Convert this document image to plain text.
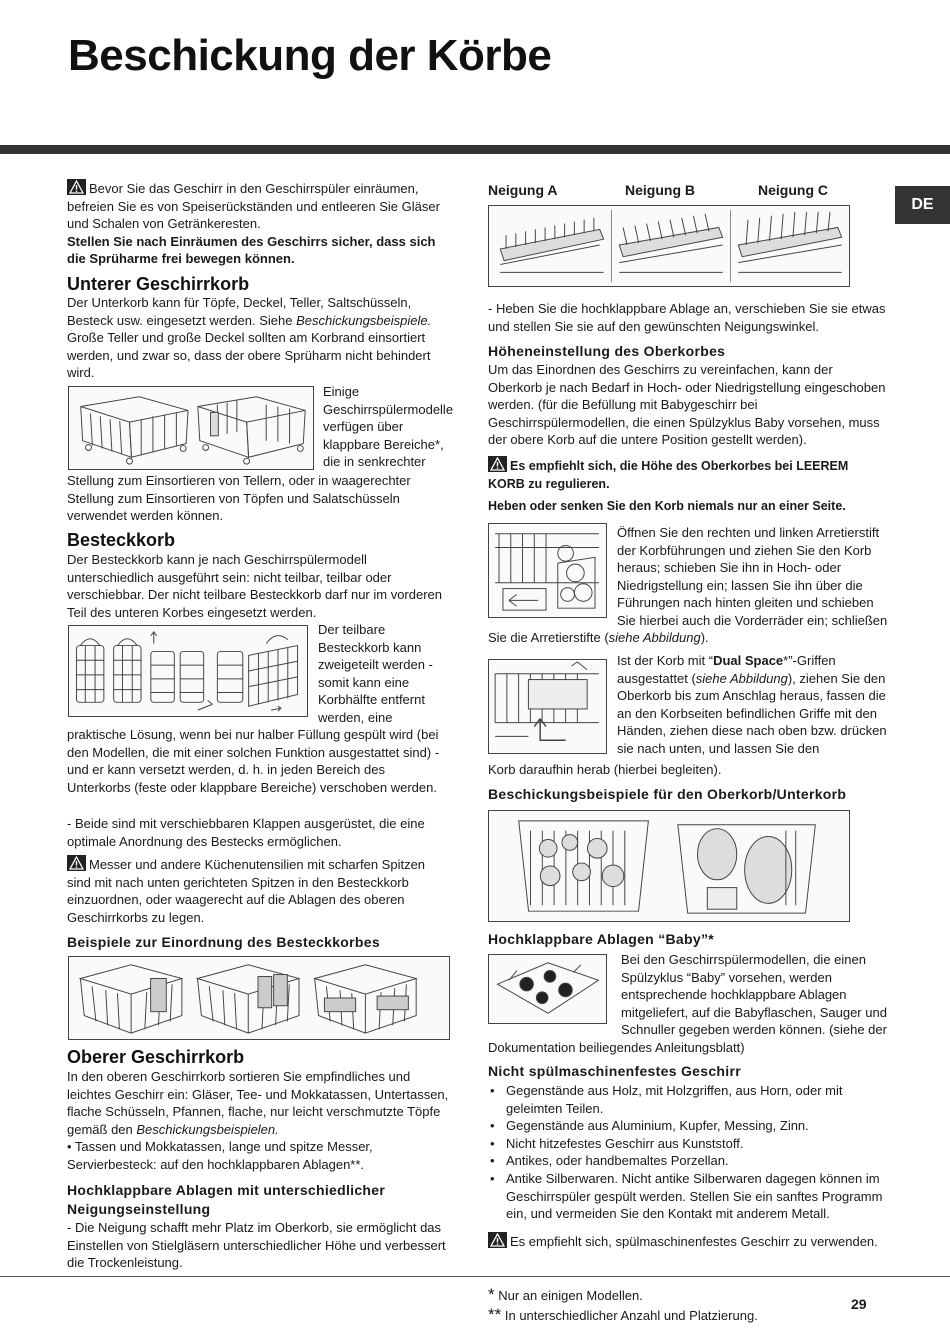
Beschickung der Körbe
DE

Bevor Sie das Geschirr in den Geschirrspüler einräumen, befreien Sie es von Speiserückständen und entleeren Sie Gläser und Schalen von Getränkeresten.

Stellen Sie nach Einräumen des Geschirrs sicher, dass sich die Sprüharme frei bewegen können.

Unterer Geschirrkorb

Der Unterkorb kann für Töpfe, Deckel, Teller, Saltschüsseln, Besteck usw. eingesetzt werden. Siehe Beschickungsbeispiele.

Große Teller und große Deckel sollten am Korbrand einsortiert werden, und zwar so, dass der obere Sprüharm nicht behindert wird.

Einige Geschirrspülermodelle verfügen über klappbare Bereiche*, die in senkrechter
Stellung zum Einsortieren von Tellern, oder in waagerechter Stellung zum Einsortieren von Töpfen und Salatschüsseln verwendet werden können.
Besteckkorb
Der Besteckkorb kann je nach Geschirrspülermodell unterschiedlich ausgeführt sein: nicht teilbar, teilbar oder verschiebbar. Der nicht teilbare Besteckkorb darf nur im vorderen Teil des unteren Korbes eingesetzt werden.
Der teilbare Besteckkorb kann zweigeteilt werden - somit kann eine Korbhälfte entfernt werden, eine
praktische Lösung, wenn bei nur halber Füllung gespült wird (bei den Modellen, die mit einer solchen Funktion ausgestattet sind) - und er kann versetzt werden, d. h. in jeden Bereich des Unterkorbs (feste oder klappbare Bereiche) verschoben werden.
- Beide sind mit verschiebbaren Klappen ausgerüstet, die eine optimale Anordnung des Bestecks ermöglichen.

Messer und andere Küchenutensilien mit scharfen Spitzen sind mit nach unten gerichteten Spitzen in den Besteckkorb einzuordnen, oder waagerecht auf die Ablagen des oberen Geschirrkorbs zu legen.

Beispiele zur Einordnung des Besteckkorbes
Oberer Geschirrkorb

In den oberen Geschirrkorb sortieren Sie empfindliches und leichtes Geschirr ein: Gläser, Tee- und Mokkatassen, Untertassen, flache Schüsseln, Pfannen, flache, nur leicht verschmutzte Töpfe gemäß den Beschickungsbeispielen.

• Tassen und Mokkatassen, lange und spitze Messer, Servierbesteck: auf den hochklappbaren Ablagen**.

Hochklappbare Ablagen mit unterschiedlicher Neigungseinstellung
- Die Neigung schafft mehr Platz im Oberkorb, sie ermöglicht das Einstellen von Stielgläsern unterschiedlicher Höhe und verbessert die Trockenleistung.
Neigung A	Neigung B	Neigung C
- Heben Sie die hochklappbare Ablage an, verschieben Sie sie etwas und stellen Sie sie auf den gewünschten Neigungswinkel.
Höheneinstellung des Oberkorbes
Um das Einordnen des Geschirrs zu vereinfachen, kann der Oberkorb je nach Bedarf in Hoch- oder Niedrigstellung eingeschoben werden. (für die Befüllung mit Babygeschirr bei Geschirrspülermodellen, die einen Spülzyklus Baby vorsehen, muss der obere Korb auf die untere Position gestellt werden).

Es empfiehlt sich, die Höhe des Oberkorbes bei LEEREM KORB zu regulieren.

Heben oder senken Sie den Korb niemals nur an einer Seite.
Öffnen Sie den rechten und linken Arretierstift der Korbführungen und ziehen Sie den Korb heraus; schieben Sie ihn in Hoch- oder Niedrigstellung ein; lassen Sie ihn über die Führungen nach hinten gleiten und schieben Sie hierbei auch die Vorderräder ein; schließen

Sie die Arretierstifte (siehe Abbildung).

Ist der Korb mit “Dual Space*”-Griffen ausgestattet (siehe Abbildung), ziehen Sie den Oberkorb bis zum Anschlag heraus, fassen die an den Korbseiten befindlichen Griffe mit den Händen, ziehen diese nach oben bzw. drücken sie nach unten, und lassen Sie den

Korb daraufhin herab (hierbei begleiten).
Beschickungsbeispiele für den Oberkorb/Unterkorb
Hochklappbare Ablagen “Baby”*
Bei den Geschirrspülermodellen, die einen Spülzyklus “Baby” vorsehen, werden entsprechende hochklappbare Ablagen mitgeliefert, auf die Babyflaschen, Sauger und Schnuller gegeben werden können. (siehe der
Dokumentation beiliegendes Anleitungsblatt)
Nicht spülmaschinenfestes Geschirr
• Gegenstände aus Holz, mit Holzgriffen, aus Horn, oder mit geleimten Teilen.
• Gegenstände aus Aluminium, Kupfer, Messing, Zinn.
• Nicht hitzefestes Geschirr aus Kunststoff.
• Antikes, oder handbemaltes Porzellan.
• Antike Silberwaren. Nicht antike Silberwaren dagegen können im Geschirrspüler gespült werden. Stellen Sie ein sanftes Programm ein, und vermeiden Sie den Kontakt mit anderem Metall.

Es empfiehlt sich, spülmaschinenfestes Geschirr zu verwenden.

* Nur an einigen Modellen.
** In unterschiedlicher Anzahl und Platzierung.
29
